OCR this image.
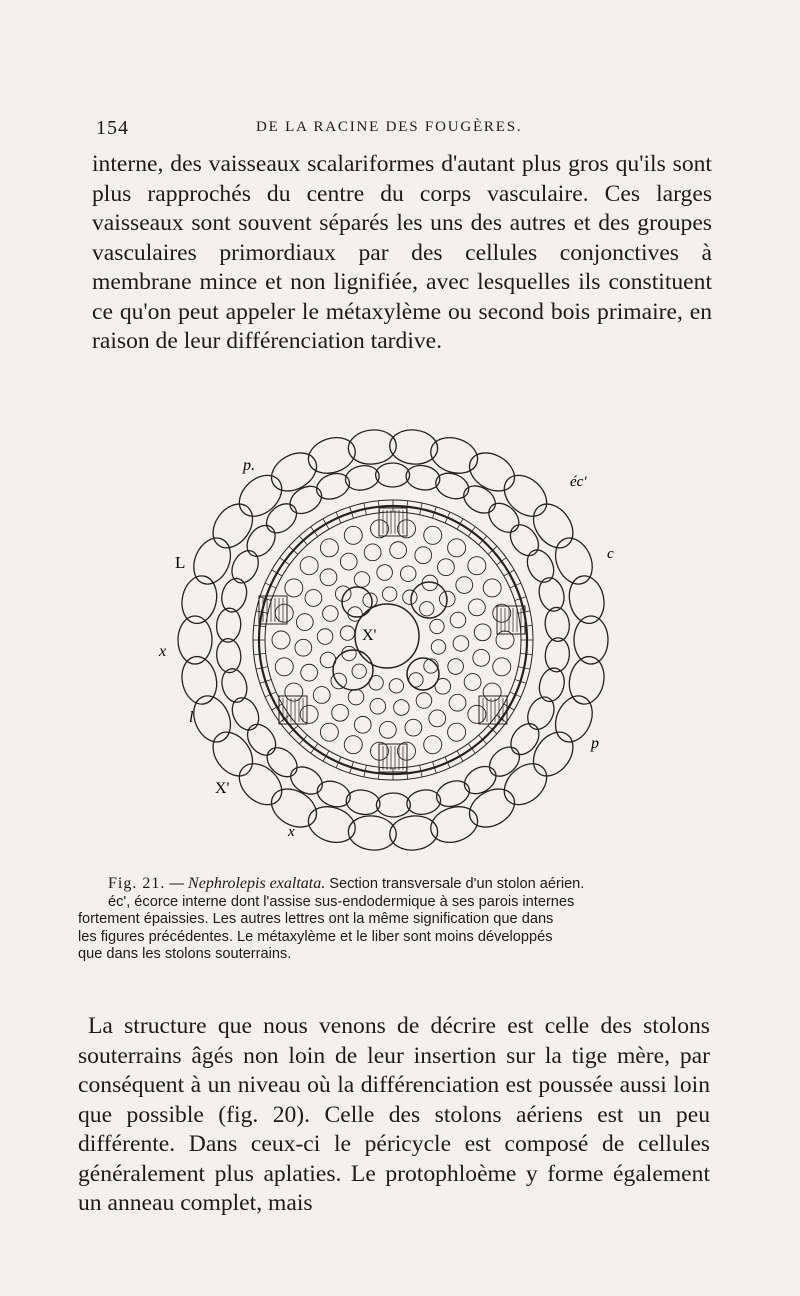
154	DE LA RACINE DES FOUGÈRES.
interne, des vaisseaux scalariformes d'autant plus gros qu'ils sont plus rapprochés du centre du corps vasculaire. Ces larges vaisseaux sont souvent séparés les uns des autres et des groupes vasculaires primordiaux par des cellules conjonctives à membrane mince et non lignifiée, avec lesquelles ils constituent ce qu'on peut appeler le métaxylème ou second bois primaire, en raison de leur différenciation tardive.
p.
éc'
c
L
x
X'
l
p
X'
x
Fig. 21. — Nephrolepis exaltata. Section transversale d'un stolon aérien.
éc', écorce interne dont l'assise sus-endodermique à ses parois internes
fortement épaissies. Les autres lettres ont la même signification que dans
les figures précédentes. Le métaxylème et le liber sont moins développés
que dans les stolons souterrains.
La structure que nous venons de décrire est celle des stolons souterrains âgés non loin de leur insertion sur la tige mère, par conséquent à un niveau où la différenciation est poussée aussi loin que possible (fig. 20). Celle des stolons aériens est un peu différente. Dans ceux-ci le péricycle est composé de cellules généralement plus aplaties. Le protophloème y forme également un anneau complet, mais
